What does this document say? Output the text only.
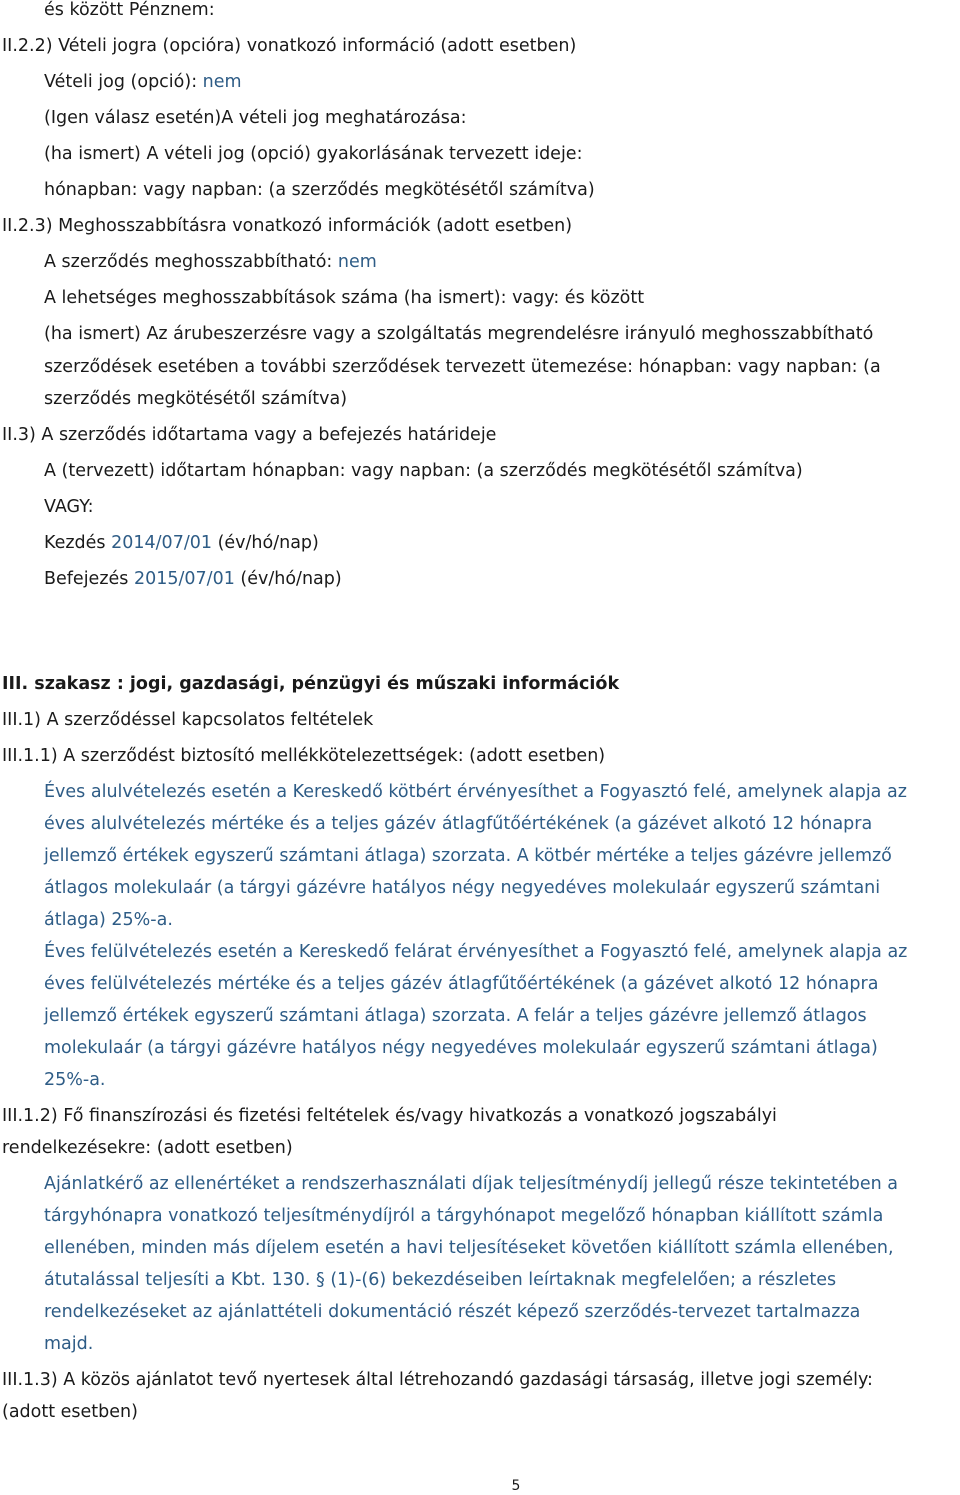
és között Pénznem:
II.2.2) Vételi jogra (opcióra) vonatkozó információ (adott esetben)
Vételi jog (opció): nem
(Igen válasz esetén)A vételi jog meghatározása:
(ha ismert) A vételi jog (opció) gyakorlásának tervezett ideje:
hónapban: vagy napban: (a szerződés megkötésétől számítva)
II.2.3) Meghosszabbításra vonatkozó információk (adott esetben)
A szerződés meghosszabbítható: nem
A lehetséges meghosszabbítások száma (ha ismert): vagy: és között
(ha ismert) Az árubeszerzésre vagy a szolgáltatás megrendelésre irányuló meghosszabbítható
szerződések esetében a további szerződések tervezett ütemezése: hónapban: vagy napban: (a
szerződés megkötésétől számítva)
II.3) A szerződés időtartama vagy a befejezés határideje
A (tervezett) időtartam hónapban: vagy napban: (a szerződés megkötésétől számítva)
VAGY:
Kezdés 2014/07/01 (év/hó/nap)
Befejezés 2015/07/01 (év/hó/nap)
III. szakasz : jogi, gazdasági, pénzügyi és műszaki információk
III.1) A szerződéssel kapcsolatos feltételek
III.1.1) A szerződést biztosító mellékkötelezettségek: (adott esetben)
Éves alulvételezés esetén a Kereskedő kötbért érvényesíthet a Fogyasztó felé, amelynek alapja az
éves alulvételezés mértéke és a teljes gázév átlagfűtőértékének (a gázévet alkotó 12 hónapra
jellemző értékek egyszerű számtani átlaga) szorzata. A kötbér mértéke a teljes gázévre jellemző
átlagos molekulaár (a tárgyi gázévre hatályos négy negyedéves molekulaár egyszerű számtani
átlaga) 25%-a.
Éves felülvételezés esetén a Kereskedő felárat érvényesíthet a Fogyasztó felé, amelynek alapja az
éves felülvételezés mértéke és a teljes gázév átlagfűtőértékének (a gázévet alkotó 12 hónapra
jellemző értékek egyszerű számtani átlaga) szorzata. A felár a teljes gázévre jellemző átlagos
molekulaár (a tárgyi gázévre hatályos négy negyedéves molekulaár egyszerű számtani átlaga)
25%-a.
III.1.2) Fő finanszírozási és fizetési feltételek és/vagy hivatkozás a vonatkozó jogszabályi
rendelkezésekre: (adott esetben)
Ajánlatkérő az ellenértéket a rendszerhasználati díjak teljesítménydíj jellegű része tekintetében a
tárgyhónapra vonatkozó teljesítménydíjról a tárgyhónapot megelőző hónapban kiállított számla
ellenében, minden más díjelem esetén a havi teljesítéseket követően kiállított számla ellenében,
átutalással teljesíti a Kbt. 130. § (1)-(6) bekezdéseiben leírtaknak megfelelően; a részletes
rendelkezéseket az ajánlattételi dokumentáció részét képező szerződés-tervezet tartalmazza
majd.
III.1.3) A közös ajánlatot tevő nyertesek által létrehozandó gazdasági társaság, illetve jogi személy:
(adott esetben)
5
